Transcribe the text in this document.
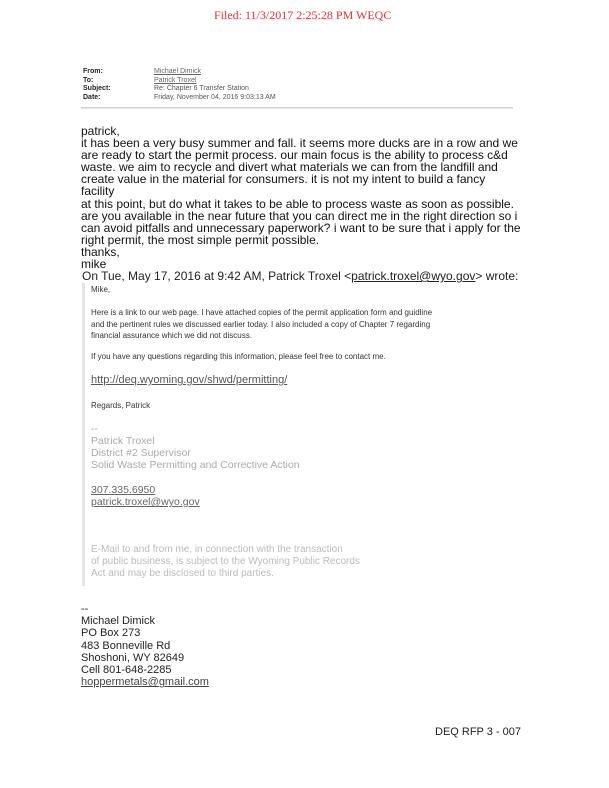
Filed: 11/3/2017 2:25:28 PM WEQC
From:	Michael Dimick
To:	Patrick Troxel
Subject:	Re: Chapter 6 Transfer Station
Date:	Friday, November 04, 2016 9:03:13 AM

patrick,

it has been a very busy summer and fall. it seems more ducks are in a row and we

are ready to start the permit process. our main focus is the ability to process c&d

waste. we aim to recycle and divert what materials we can from the landfill and

create value in the material for consumers. it is not my intent to build a fancy facility

at this point, but do what it takes to be able to process waste as soon as possible.

are you available in the near future that you can direct me in the right direction so i

can avoid pitfalls and unnecessary paperwork? i want to be sure that i apply for the

right permit, the most simple permit possible.

thanks,

mike

On Tue, May 17, 2016 at 9:42 AM, Patrick Troxel <patrick.troxel@wyo.gov> wrote:
Mike,
Here is a link to our web page. I have attached copies of the permit application form and guidline
and the pertinent rules we discussed earlier today. I also included a copy of Chapter 7 regarding
financial assurance which we did not discuss.
If you have any questions regarding this information, please feel free to contact me.
http://deq.wyoming.gov/shwd/permitting/
Regards, Patrick
--
Patrick Troxel
District #2 Supervisor
Solid Waste Permitting and Corrective Action
307.335.6950
patrick.troxel@wyo.gov
E-Mail to and from me, in connection with the transaction
of public business, is subject to the Wyoming Public Records
Act and may be disclosed to third parties.
--
Michael Dimick
PO Box 273
483 Bonneville Rd
Shoshoni, WY 82649
Cell 801-648-2285
hoppermetals@gmail.com
DEQ RFP 3 - 007
